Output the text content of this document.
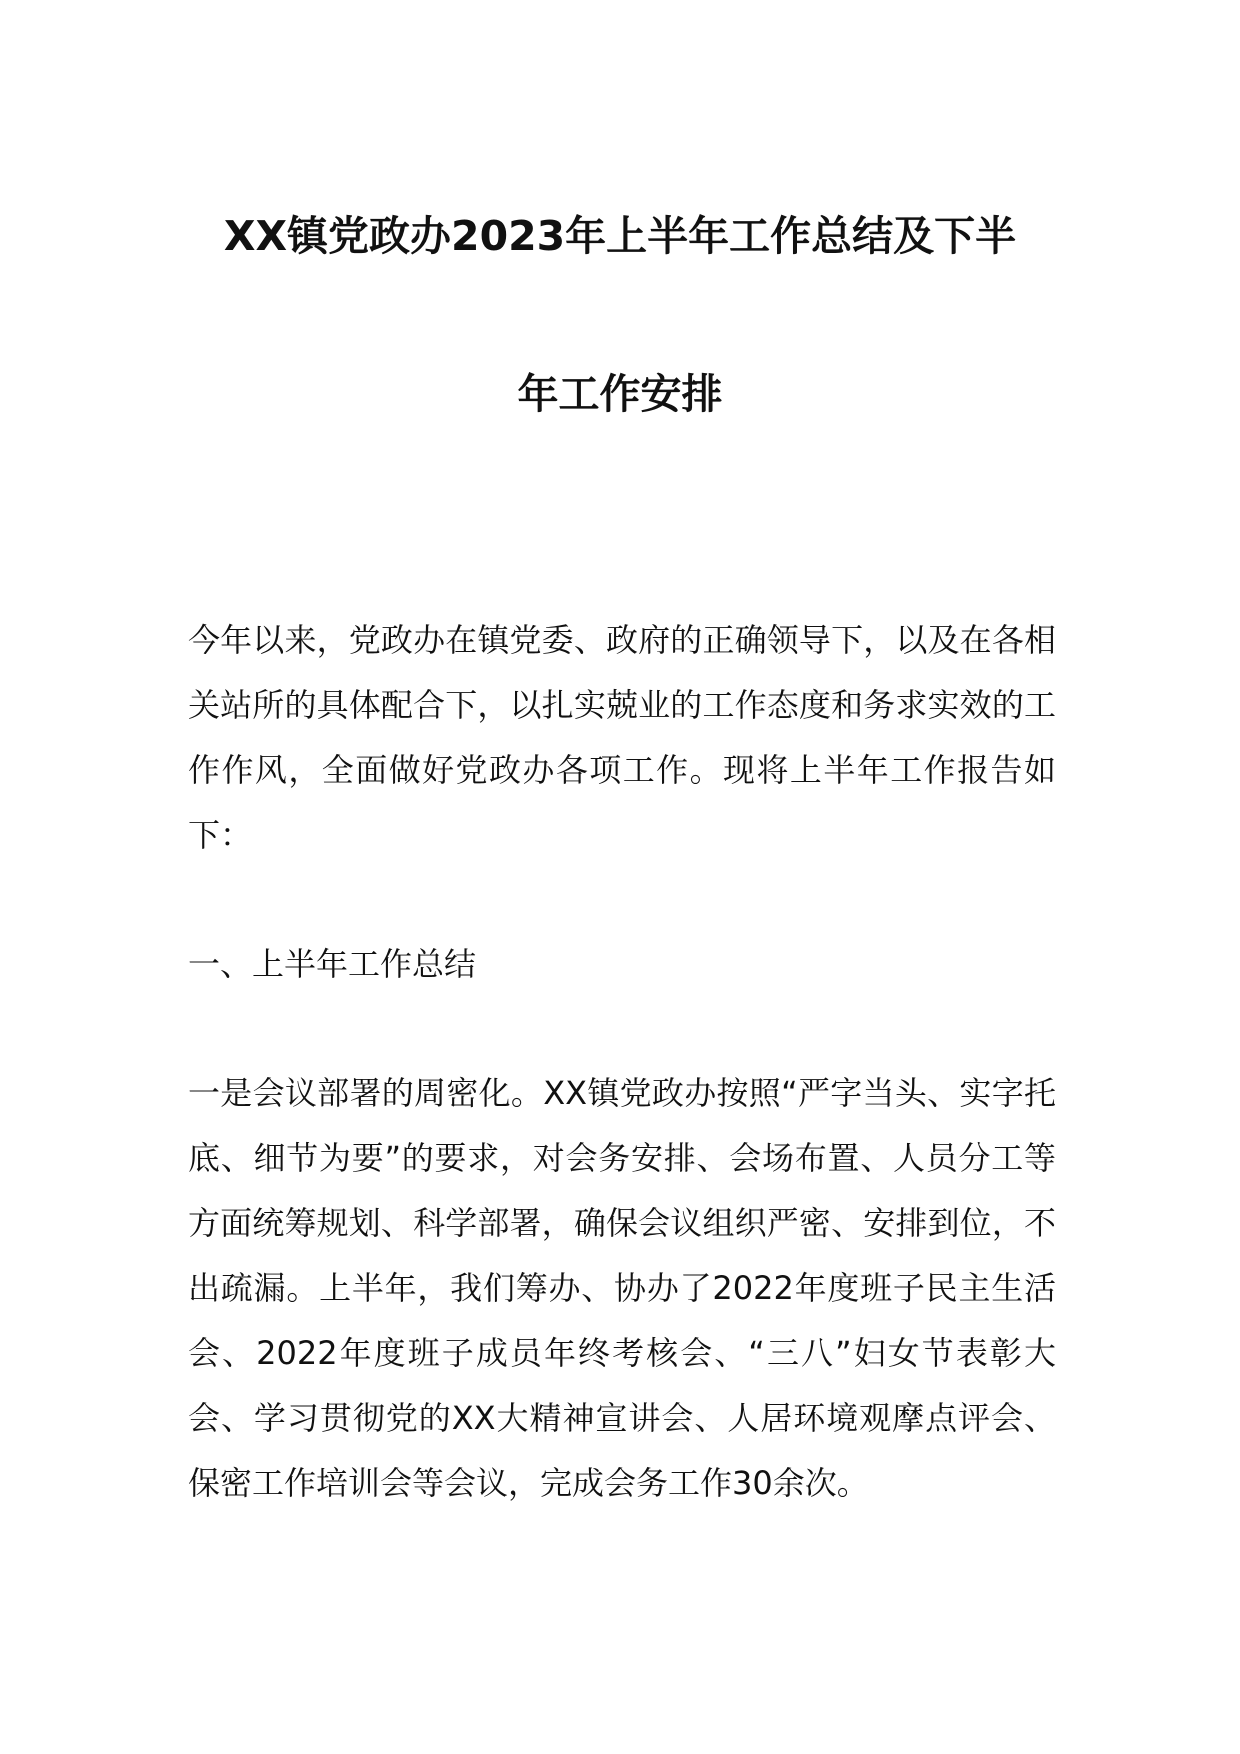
XX镇党政办2023年上半年工作总结及下半
年工作安排

今年以来，党政办在镇党委、政府的正确领导下，以及在各相关站所的具体配合下，以扎实兢业的工作态度和务求实效的工作作风，全面做好党政办各项工作。现将上半年工作报告如下：

一、上半年工作总结

一是会议部署的周密化。XX镇党政办按照“严字当头、实字托底、细节为要”的要求，对会务安排、会场布置、人员分工等方面统筹规划、科学部署，确保会议组织严密、安排到位，不出疏漏。上半年，我们筹办、协办了2022年度班子民主生活会、2022年度班子成员年终考核会、“三八”妇女节表彰大会、学习贯彻党的XX大精神宣讲会、人居环境观摩点评会、保密工作培训会等会议，完成会务工作30余次。
